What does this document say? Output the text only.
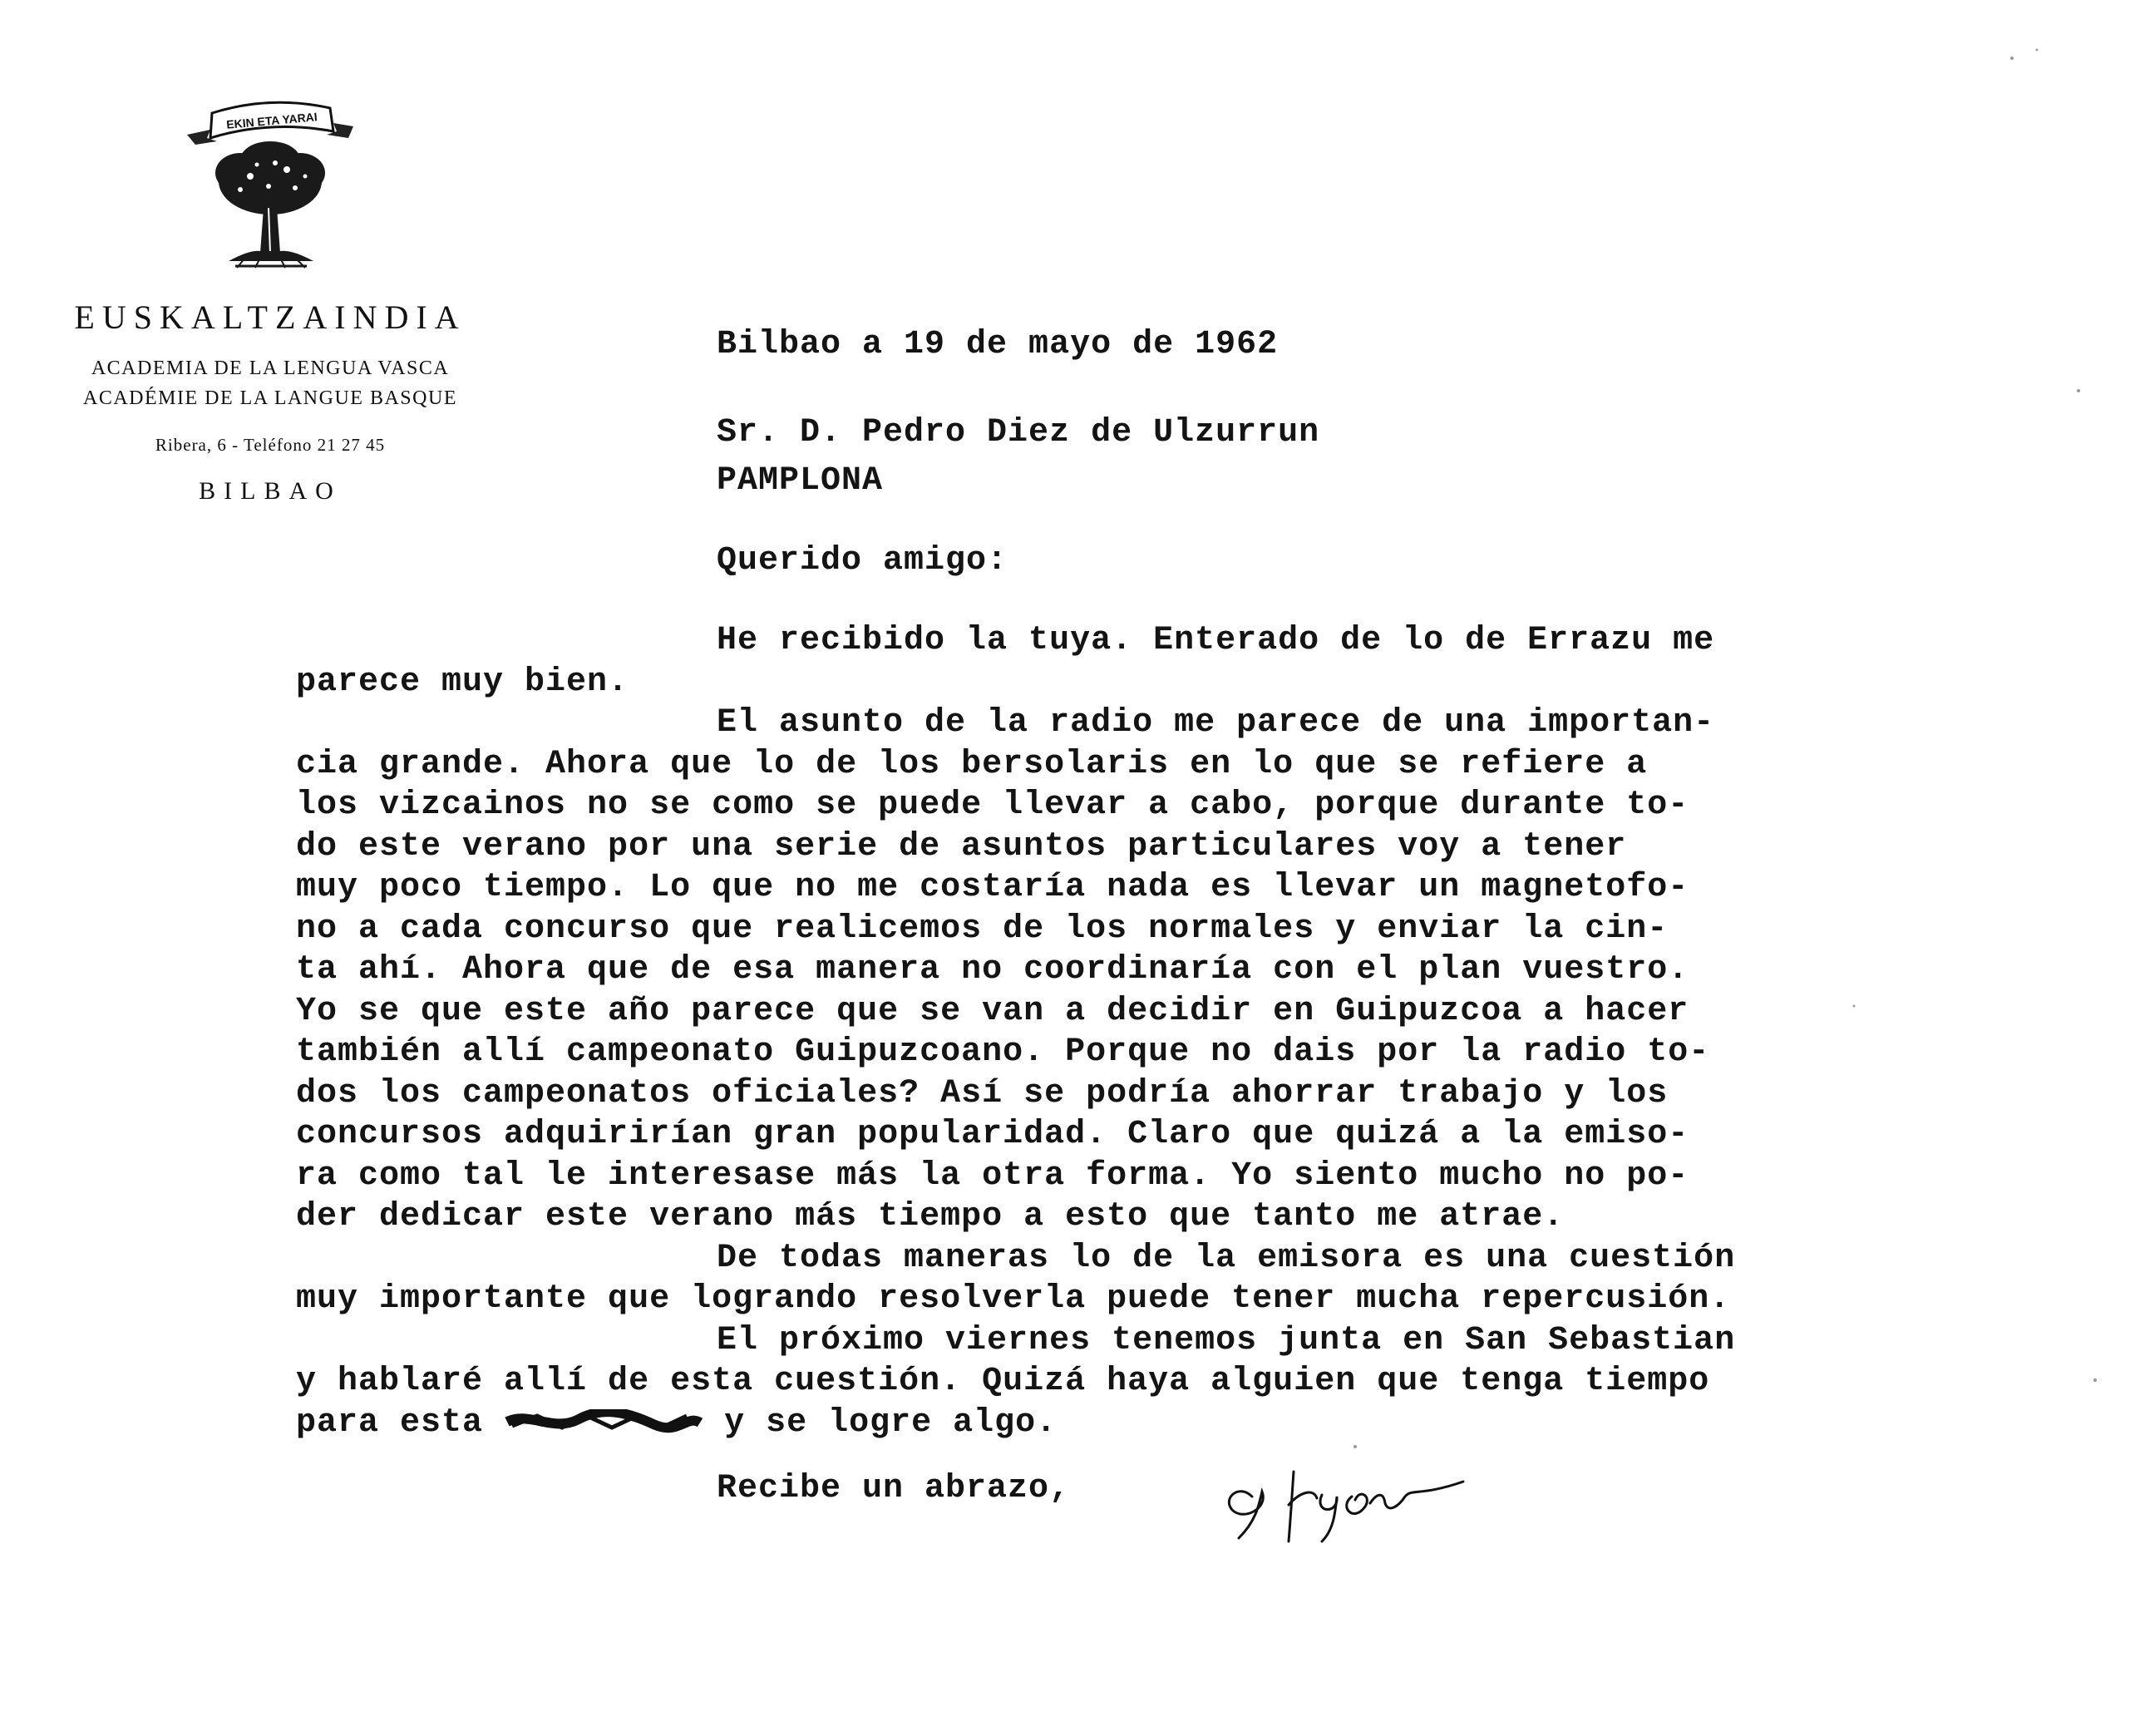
EKIN ETA YARAI
EUSKALTZAINDIA
ACADEMIA DE LA LENGUA VASCA
ACADÉMIE DE LA LANGUE BASQUE
Ribera, 6 - Teléfono 21 27 45
BILBAO
Bilbao a 19 de mayo de 1962
Sr. D. Pedro Diez de Ulzurrun
PAMPLONA
Querido amigo:
He recibido la tuya. Enterado de lo de Errazu me
parece muy bien.
El asunto de la radio me parece de una importan-
cia grande. Ahora que lo de los bersolaris en lo que se refiere a
los vizcainos no se como se puede llevar a cabo, porque durante to-
do este verano por una serie de asuntos particulares voy a tener
muy poco tiempo. Lo que no me costaría nada es llevar un magnetofo-
no a cada concurso que realicemos de los normales y enviar la cin-
ta ahí. Ahora que de esa manera no coordinaría con el plan vuestro.
Yo se que este año parece que se van a decidir en Guipuzcoa a hacer
también allí campeonato Guipuzcoano. Porque no dais por la radio to-
dos los campeonatos oficiales? Así se podría ahorrar trabajo y los
concursos adquirirían gran popularidad. Claro que quizá a la emiso-
ra como tal le interesase más la otra forma. Yo siento mucho no po-
der dedicar este verano más tiempo a esto que tanto me atrae.
De todas maneras lo de la emisora es una cuestión
muy importante que logrando resolverla puede tener mucha repercusión.
El próximo viernes tenemos junta en San Sebastian
y hablaré allí de esta cuestión. Quizá haya alguien que tenga tiempo
para esta	y se logre algo.
Recibe un abrazo,
